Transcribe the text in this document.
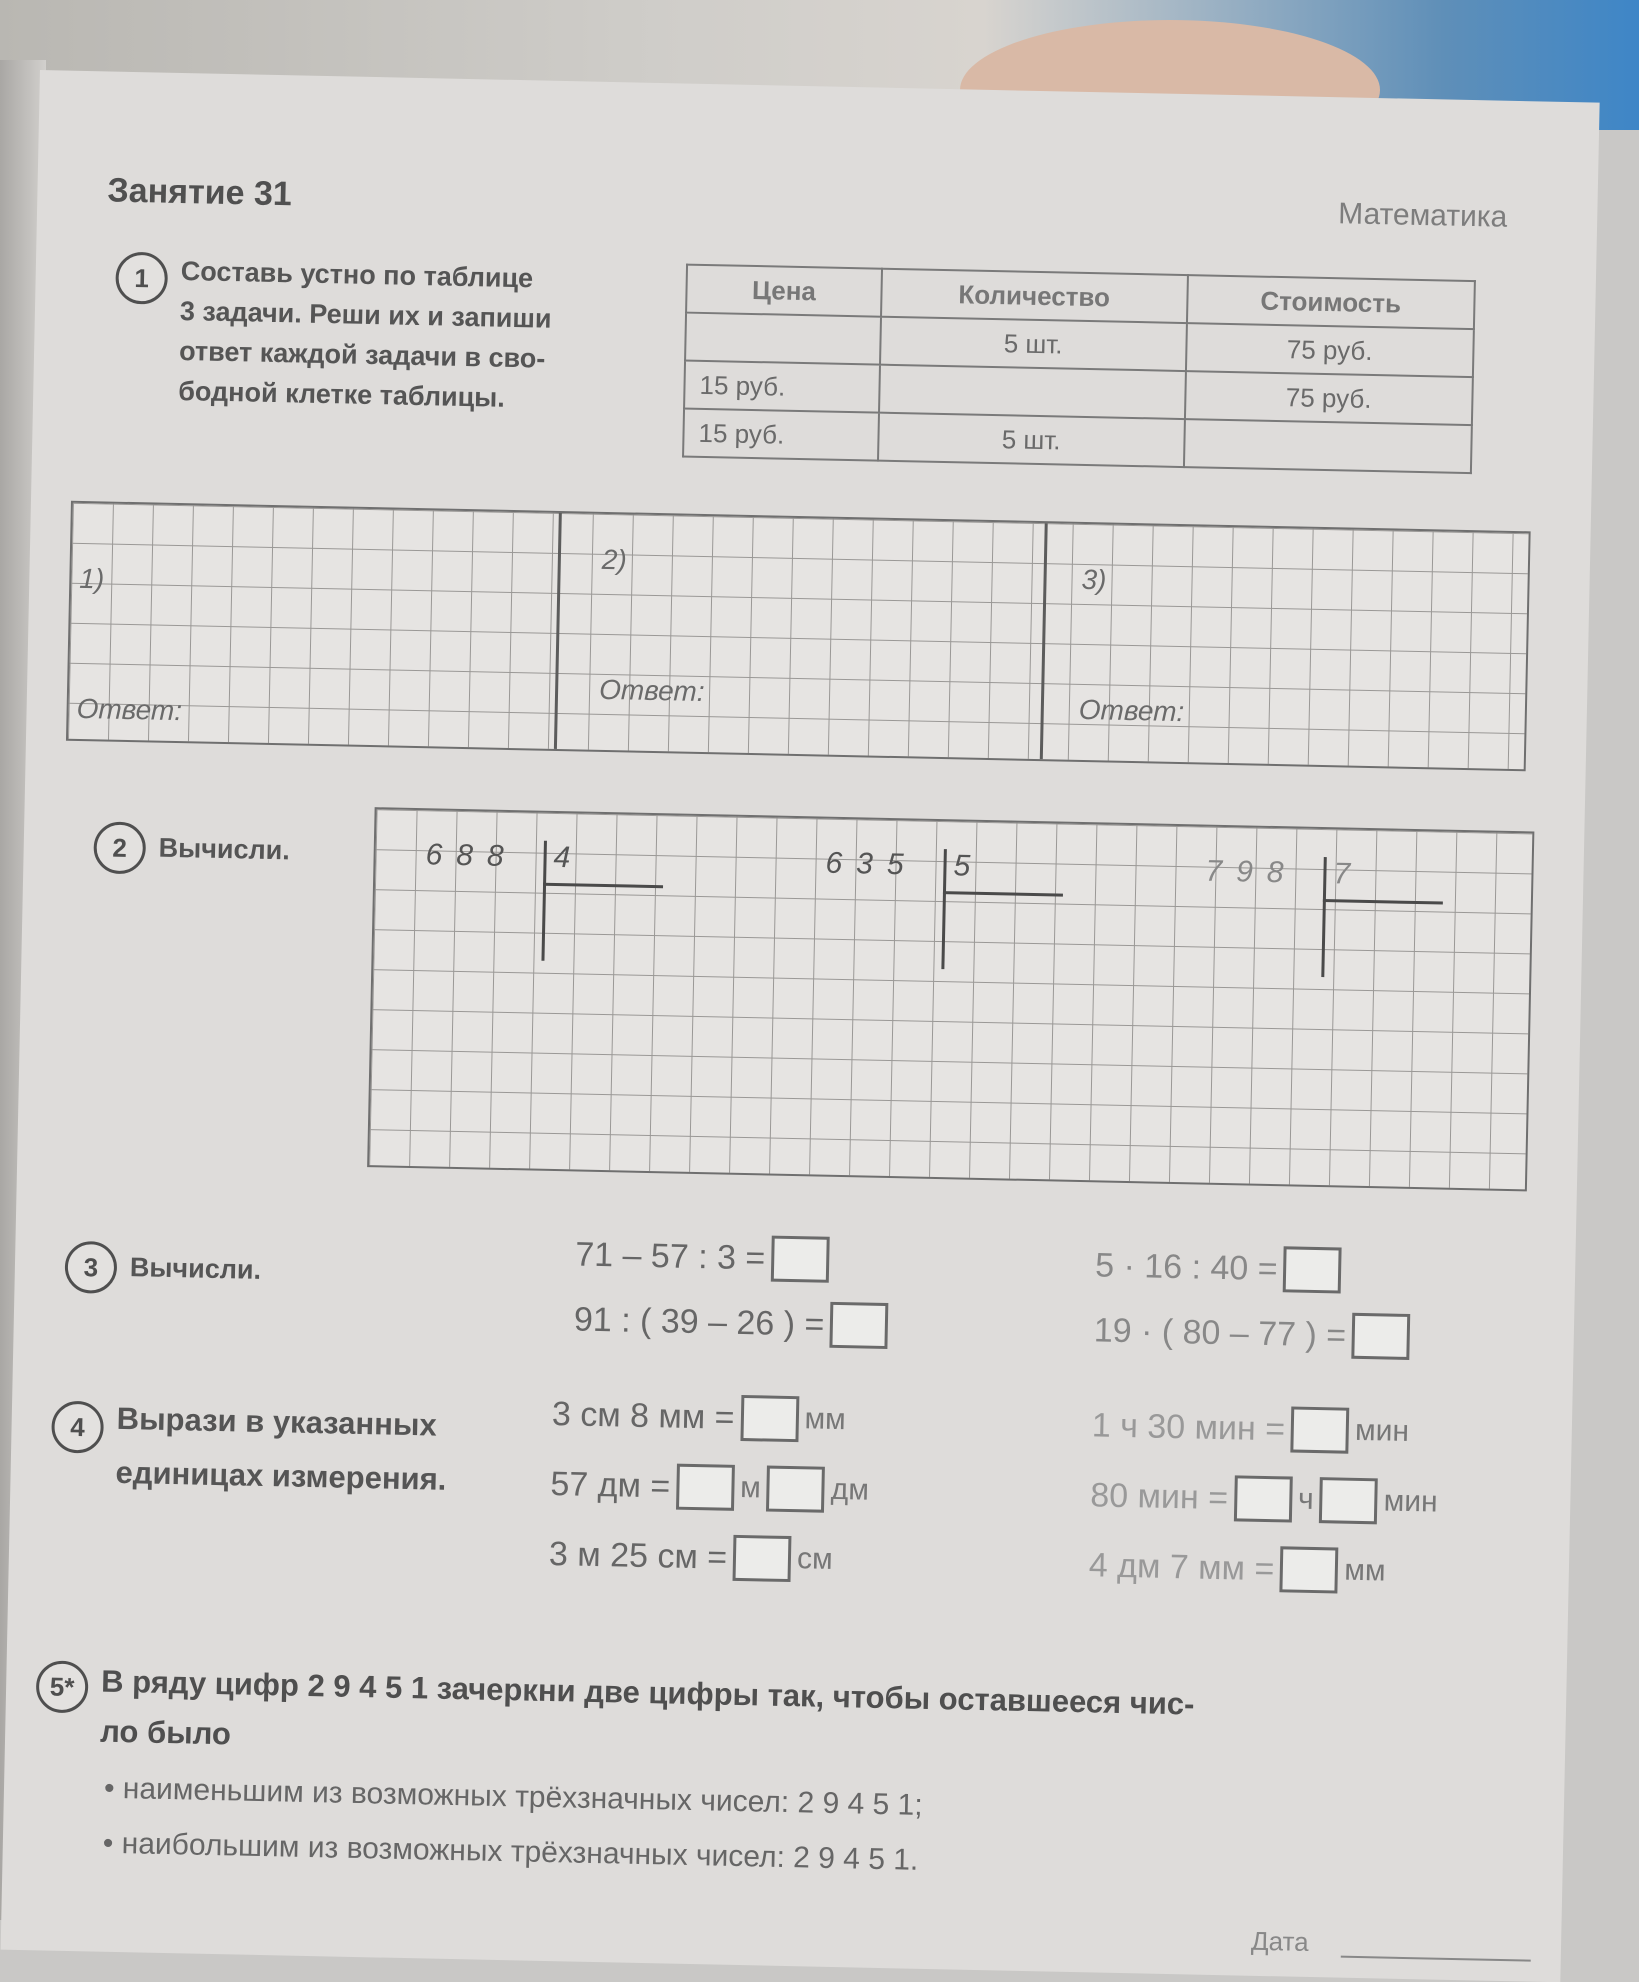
Занятие 31
Математика
1 Составь устно по таблице
3 задачи. Реши их и запиши
ответ каждой задачи в сво-
бодной клетке таблицы.
Цена	Количество	Стоимость
	5 шт.	75 руб.
15 руб.		75 руб.
15 руб.	5 шт.	
1)
Ответ:
2)
Ответ:
3)
Ответ:
2 Вычисли.	688 4	635 5	798 7
3 Вычисли.	71 – 57 : 3 =
91 : ( 39 – 26 ) =
5 · 16 : 40 =
19 · ( 80 – 77 ) =
4 Вырази в указанных
единицах измерения.
3 см 8 мм = мм
57 дм = м дм
3 м 25 см = см
1 ч 30 мин = мин
80 мин = ч мин
4 дм 7 мм = мм
5* В ряду цифр 2 9 4 5 1 зачеркни две цифры так, чтобы оставшееся чис-
ло было
• наименьшим из возможных трёхзначных чисел: 2 9 4 5 1;
• наибольшим из возможных трёхзначных чисел: 2 9 4 5 1.
Дата
